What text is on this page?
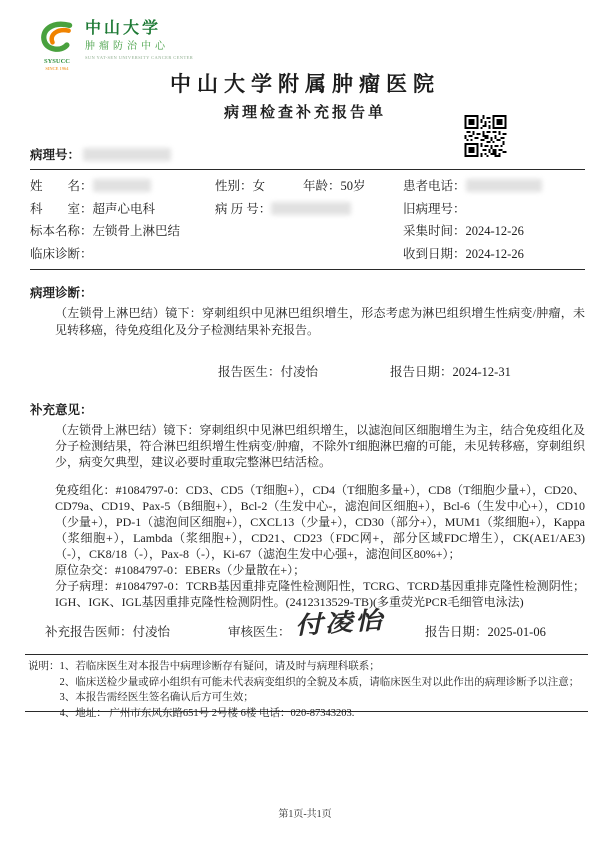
SYSUCC
SINCE 1964
中山大学
肿瘤防治中心
SUN YAT-SEN UNIVERSITY CANCER CENTER
中山大学附属肿瘤医院
病理检查补充报告单
病理号：
姓　　名：	性别：女	年龄：50岁	患者电话：
科　　室：超声心电科	病 历 号：	旧病理号：
标本名称：左锁骨上淋巴结	采集时间：2024-12-26
临床诊断：	收到日期：2024-12-26
病理诊断：
（左锁骨上淋巴结）镜下：穿刺组织中见淋巴组织增生，形态考虑为淋巴组织增生性病变/肿瘤，未见转移癌，待免疫组化及分子检测结果补充报告。
报告医生：付凌怡	报告日期：2024-12-31
补充意见：
（左锁骨上淋巴结）镜下：穿刺组织中见淋巴组织增生，以滤泡间区细胞增生为主，结合免疫组化及分子检测结果，符合淋巴组织增生性病变/肿瘤，不除外T细胞淋巴瘤的可能，未见转移癌，穿刺组织少，病变欠典型，建议必要时重取完整淋巴结活检。
免疫组化：#1084797-0：CD3、CD5（T细胞+），CD4（T细胞多量+），CD8（T细胞少量+），CD20、CD79a、CD19、Pax-5（B细胞+），Bcl-2（生发中心-，滤泡间区细胞+），Bcl-6（生发中心+），CD10（少量+），PD-1（滤泡间区细胞+），CXCL13（少量+），CD30（部分+），MUM1（浆细胞+），Kappa（浆细胞+），Lambda（浆细胞+），CD21、CD23（FDC网+，部分区域FDC增生），CK(AE1/AE3)（-），CK8/18（-），Pax-8（-），Ki-67（滤泡生发中心强+，滤泡间区80%+）；
原位杂交：#1084797-0：EBERs（少量散在+）；
分子病理：#1084797-0：TCRB基因重排克隆性检测阳性，TCRG、TCRD基因重排克隆性检测阴性；IGH、IGK、IGL基因重排克隆性检测阴性。(2412313529-TB)(多重荧光PCR毛细管电泳法)
补充报告医师：付凌怡	审核医生： 付凌怡	报告日期：2025-01-06
说明： 1、若临床医生对本报告中病理诊断存有疑问，请及时与病理科联系；
2、临床送检少量或碎小组织有可能未代表病变组织的全貌及本质，请临床医生对以此作出的病理诊断予以注意；
3、本报告需经医生签名确认后方可生效；
4、地址： 广州市东风东路651号 2号楼 6楼 电话：020-87343203.
第1页-共1页
